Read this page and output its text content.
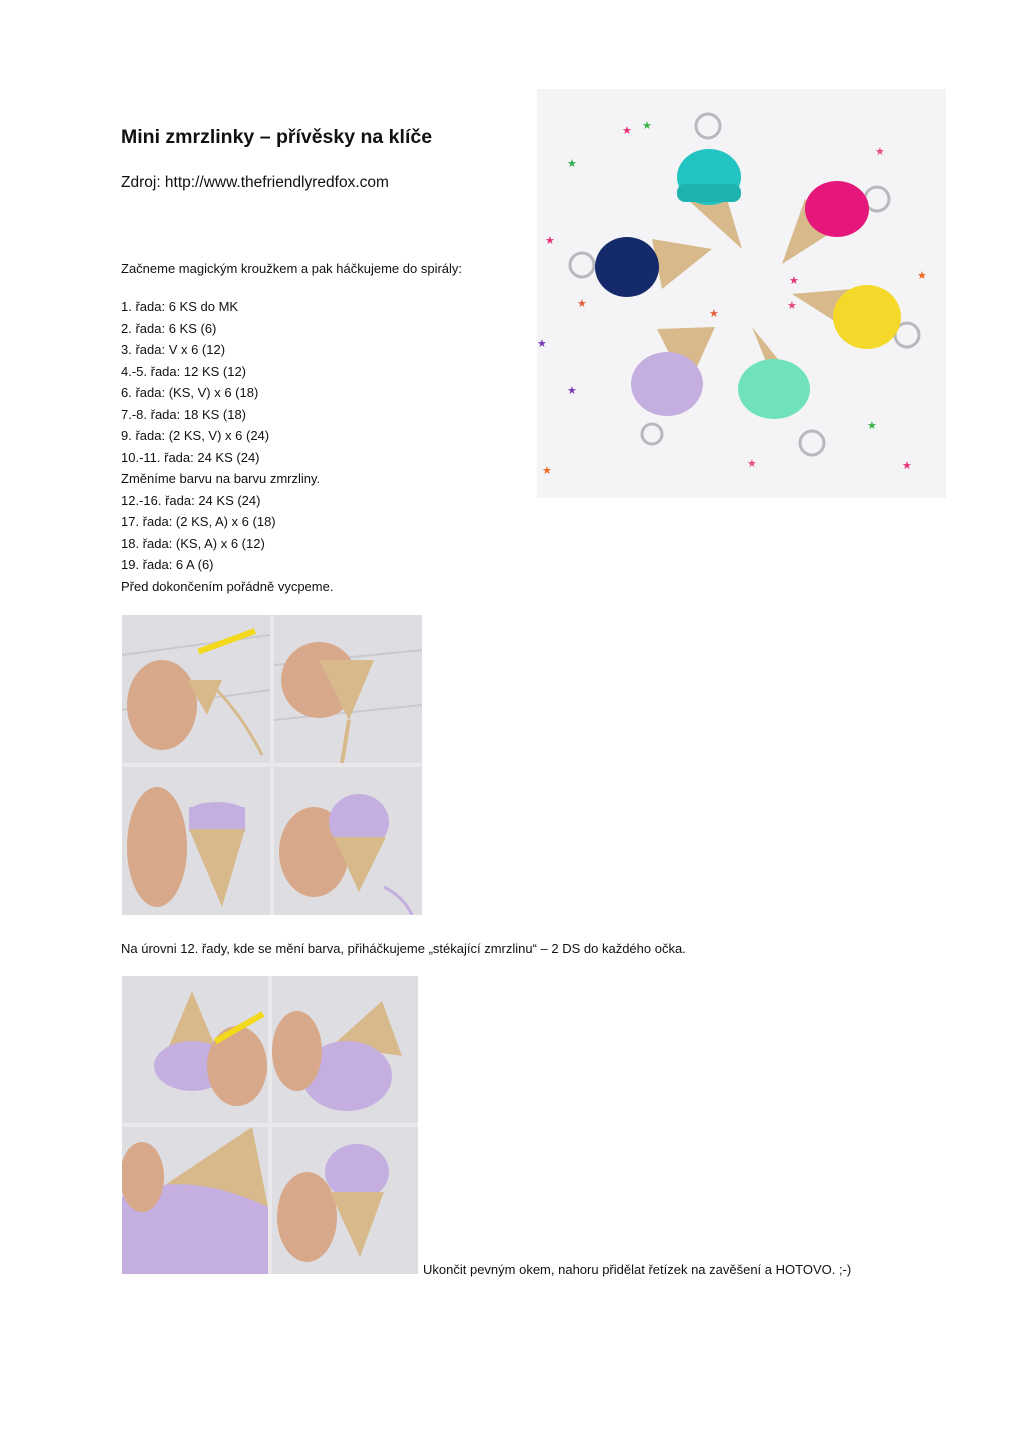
Mini zmrzlinky – přívěsky na klíče
Zdroj: http://www.thefriendlyredfox.com
Začneme magickým kroužkem a pak háčkujeme do spirály:
1. řada: 6 KS do MK
2. řada: 6 KS (6)
3. řada: V x 6 (12)
4.-5. řada: 12 KS (12)
6. řada: (KS, V) x 6 (18)
7.-8. řada: 18 KS (18)
9. řada: (2 KS, V) x 6 (24)
10.-11. řada: 24 KS (24)
Změníme barvu na barvu zmrzliny.
12.-16. řada: 24 KS (24)
17. řada: (2 KS, A) x 6 (18)
18. řada: (KS, A) x 6 (12)
19. řada: 6 A (6)
Před dokončením pořádně vycpeme.
★ ★
★
★
★
★
★
★	★
★
★
★
★
★	★
★
Na úrovni 12. řady, kde se mění barva, přiháčkujeme „stékající zmrzlinu“ – 2 DS do každého očka.
Ukončit pevným okem, nahoru přidělat řetízek na zavěšení a HOTOVO. ;-)
